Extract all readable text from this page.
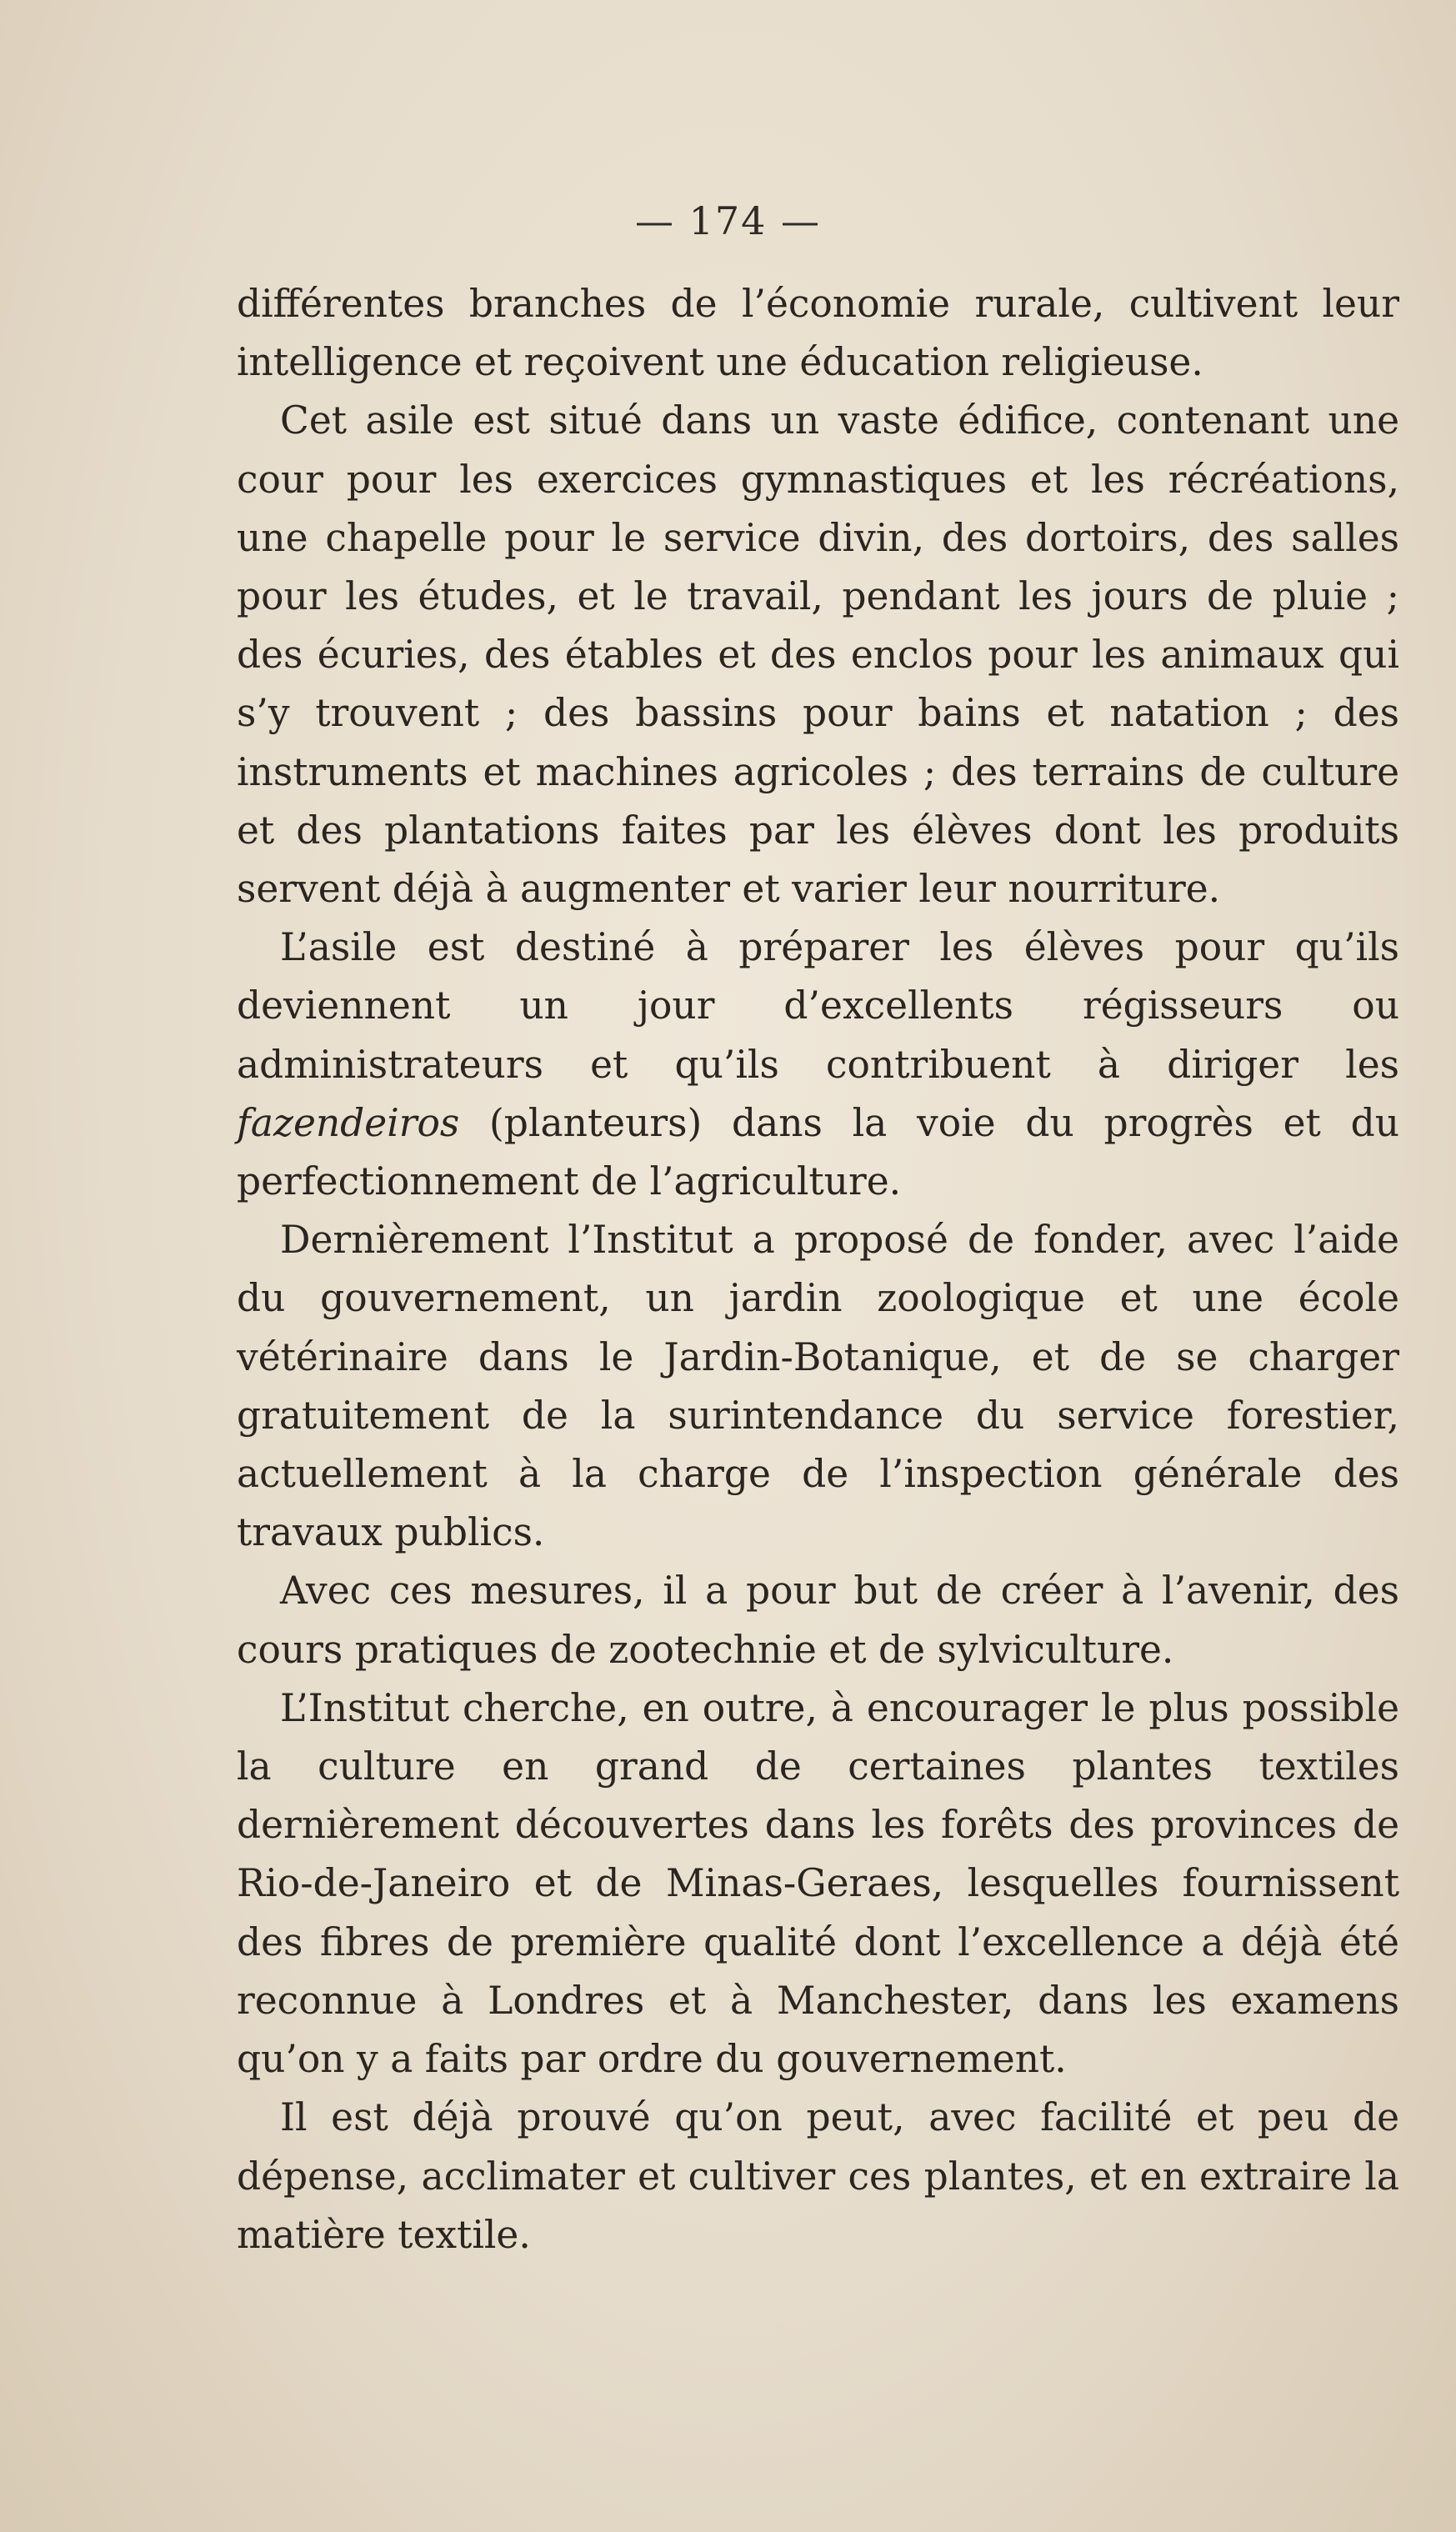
— 174 —

différentes branches de l’économie rurale, cultivent leur intelligence et reçoivent une éducation religieuse.

Cet asile est situé dans un vaste édifice, contenant une cour pour les exercices gymnastiques et les récréations, une chapelle pour le service divin, des dortoirs, des salles pour les études, et le travail, pendant les jours de pluie ; des écuries, des étables et des enclos pour les animaux qui s’y trouvent ; des bassins pour bains et natation ; des instruments et machines agricoles ; des terrains de culture et des plantations faites par les élèves dont les produits servent déjà à augmenter et varier leur nourriture.

L’asile est destiné à préparer les élèves pour qu’ils deviennent un jour d’excellents régisseurs ou administrateurs et qu’ils contribuent à diriger les fazendeiros (planteurs) dans la voie du progrès et du perfectionnement de l’agriculture.

Dernièrement l’Institut a proposé de fonder, avec l’aide du gouvernement, un jardin zoologique et une école vétérinaire dans le Jardin-Botanique, et de se charger gratuitement de la surintendance du service forestier, actuellement à la charge de l’inspection générale des travaux publics.

Avec ces mesures, il a pour but de créer à l’avenir, des cours pratiques de zootechnie et de sylviculture.

L’Institut cherche, en outre, à encourager le plus possible la culture en grand de certaines plantes textiles dernièrement découvertes dans les forêts des provinces de Rio-de-Janeiro et de Minas-Geraes, lesquelles fournissent des fibres de première qualité dont l’excellence a déjà été reconnue à Londres et à Manchester, dans les examens qu’on y a faits par ordre du gouvernement.

Il est déjà prouvé qu’on peut, avec facilité et peu de dépense, acclimater et cultiver ces plantes, et en extraire la matière textile.
